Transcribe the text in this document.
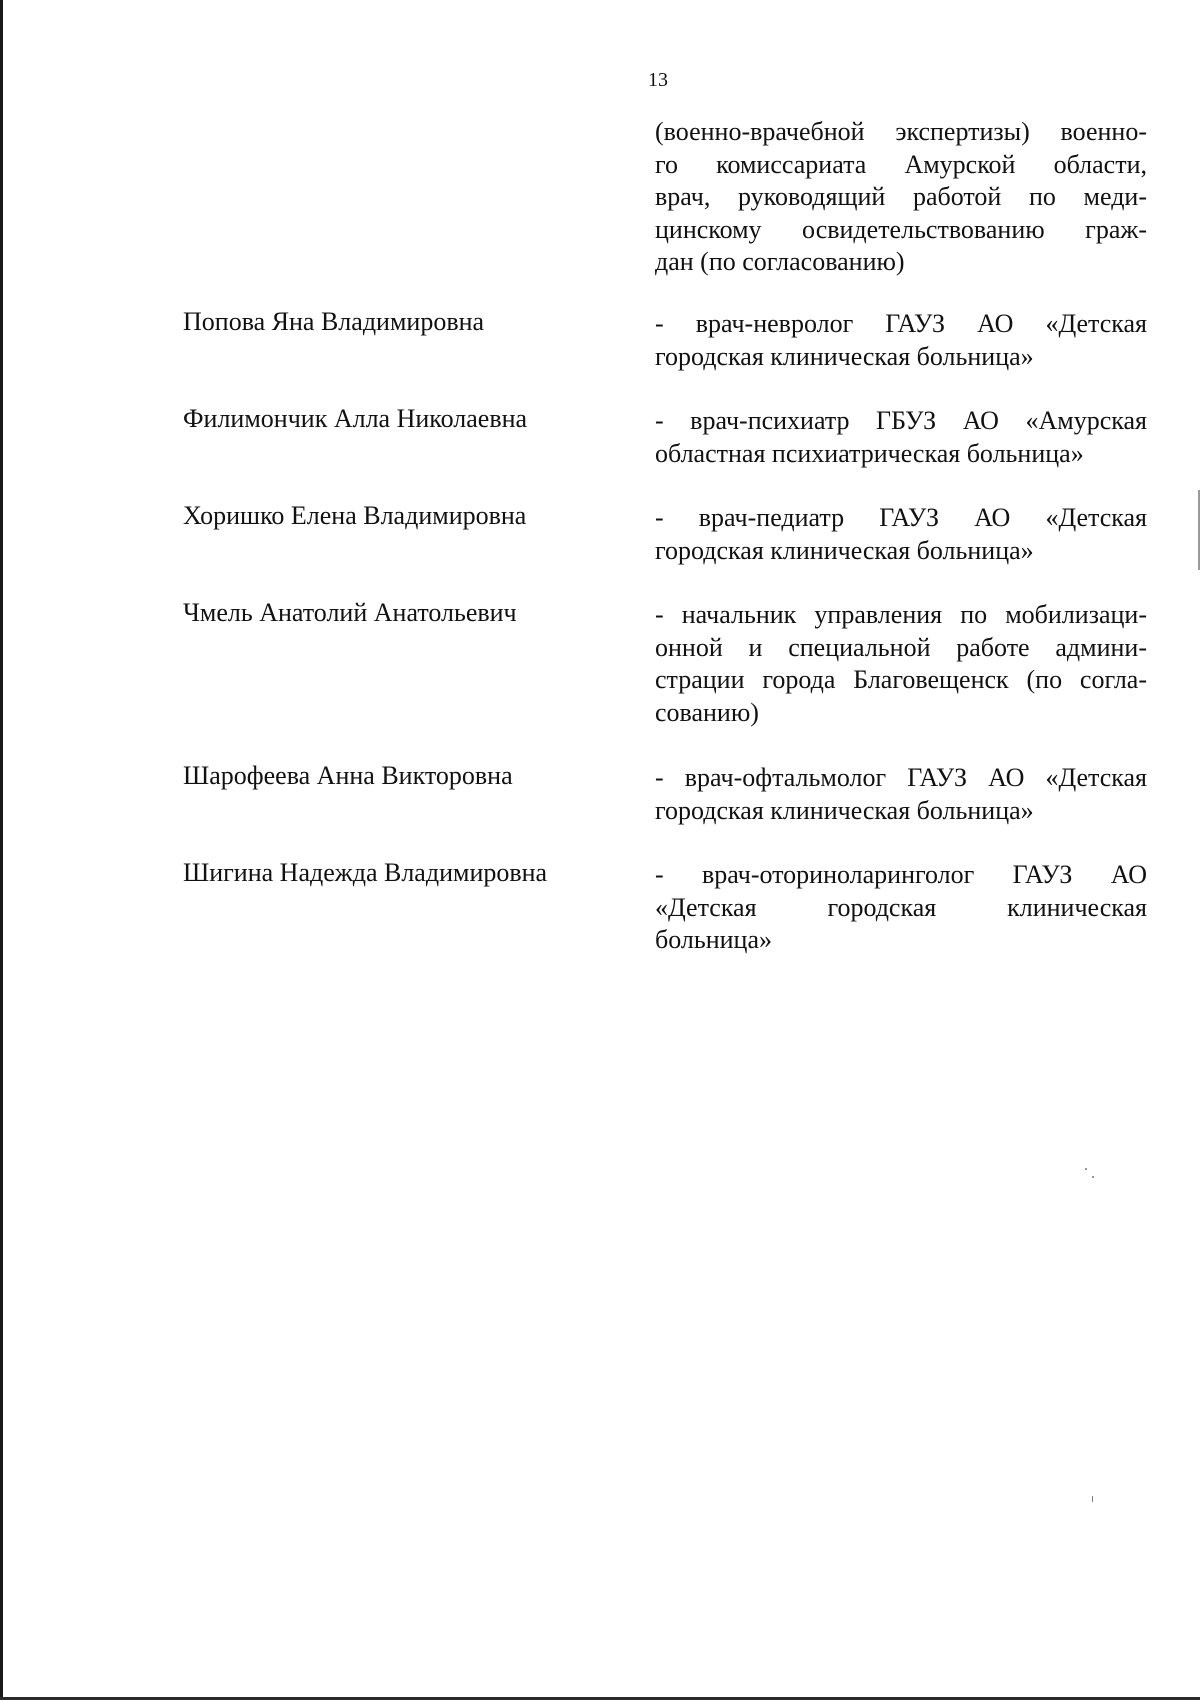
13

(военно-врачебной экспертизы) военно-
го комиссариата Амурской области,
врач, руководящий работой по меди-
цинскому освидетельствованию граж-
дан (по согласованию)

Попова Яна Владимировна	- врач-невролог ГАУЗ АО «Детская
городская клиническая больница»

Филимончик Алла Николаевна	- врач-психиатр ГБУЗ АО «Амурская
областная психиатрическая больница»

Хоришко Елена Владимировна	- врач-педиатр ГАУЗ АО «Детская
городская клиническая больница»

Чмель Анатолий Анатольевич	- начальник управления по мобилизаци-
онной и специальной работе админи-
страции города Благовещенск (по согла-
сованию)

Шарофеева Анна Викторовна	- врач-офтальмолог ГАУЗ АО «Детская
городская клиническая больница»

Шигина Надежда Владимировна	- врач-оториноларинголог ГАУЗ АО
«Детская городская клиническая
больница»
